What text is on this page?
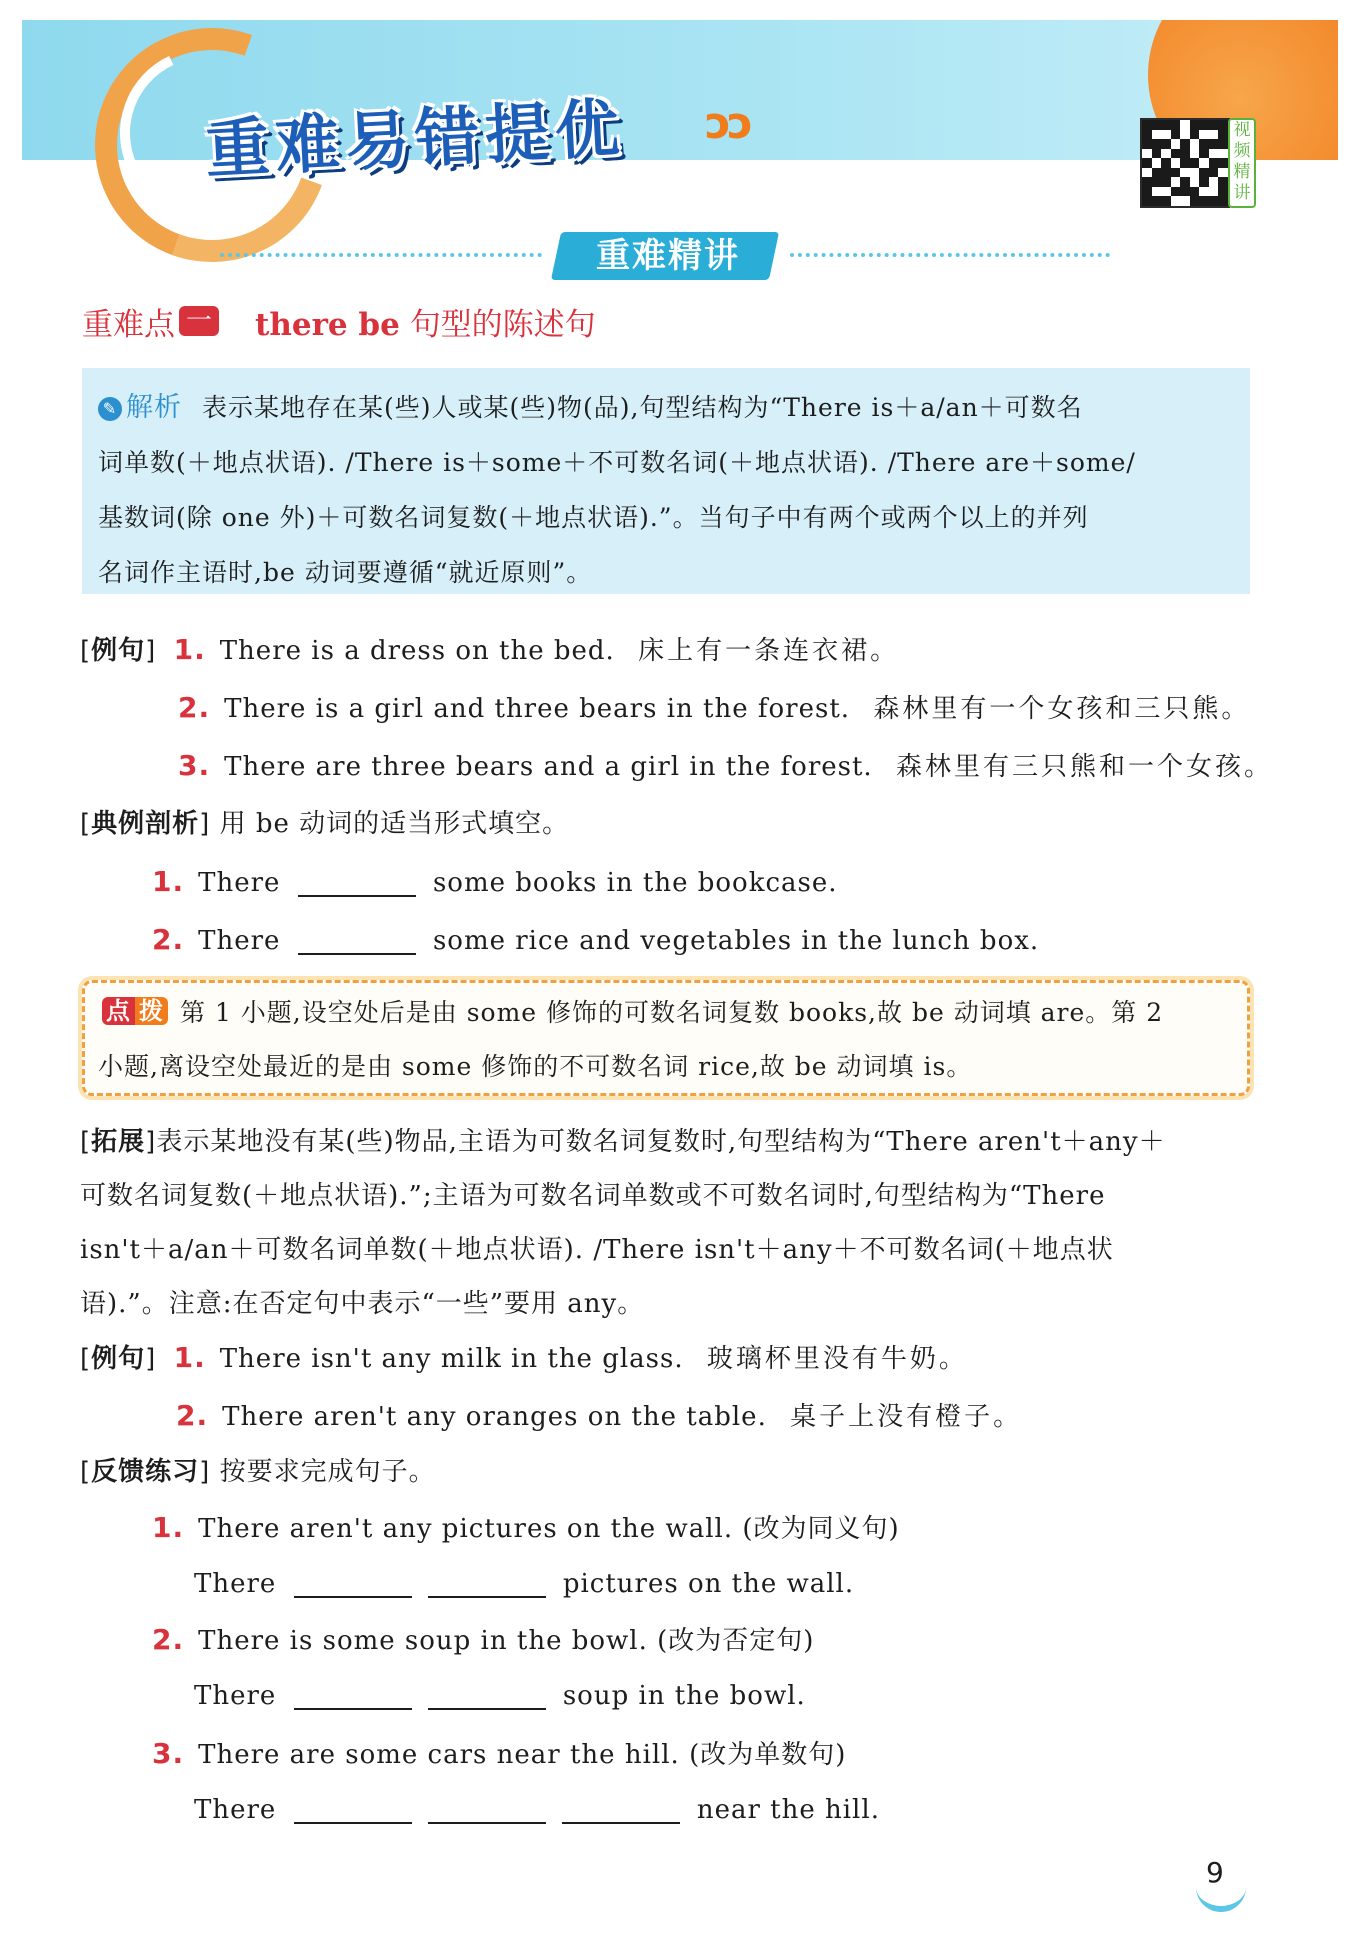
重难易错提优 ↄↄ	视频精讲
重难精讲
重难点 一 there be 句型的陈述句
✎ 解析 表示某地存在某(些)人或某(些)物(品),句型结构为“There is＋a/an＋可数名
词单数(＋地点状语). /There is＋some＋不可数名词(＋地点状语). /There are＋some/
基数词(除 one 外)＋可数名词复数(＋地点状语).”。当句子中有两个或两个以上的并列
名词作主语时,be 动词要遵循“就近原则”。
[例句] 1. There is a dress on the bed. 床上有一条连衣裙。
2. There is a girl and three bears in the forest. 森林里有一个女孩和三只熊。
3. There are three bears and a girl in the forest. 森林里有三只熊和一个女孩。
[典例剖析] 用 be 动词的适当形式填空。
1. There	some books in the bookcase.
2. There	some rice and vegetables in the lunch box.
点 拨 第 1 小题,设空处后是由 some 修饰的可数名词复数 books,故 be 动词填 are。第 2
小题,离设空处最近的是由 some 修饰的不可数名词 rice,故 be 动词填 is。
[拓展]表示某地没有某(些)物品,主语为可数名词复数时,句型结构为“There aren't＋any＋
可数名词复数(＋地点状语).”;主语为可数名词单数或不可数名词时,句型结构为“There
isn't＋a/an＋可数名词单数(＋地点状语). /There isn't＋any＋不可数名词(＋地点状
语).”。注意:在否定句中表示“一些”要用 any。
[例句] 1. There isn't any milk in the glass. 玻璃杯里没有牛奶。
2. There aren't any oranges on the table. 桌子上没有橙子。
[反馈练习] 按要求完成句子。
1. There aren't any pictures on the wall. (改为同义句)
There	pictures on the wall.
2. There is some soup in the bowl. (改为否定句)
There	soup in the bowl.
3. There are some cars near the hill. (改为单数句)
There	near the hill.
9
